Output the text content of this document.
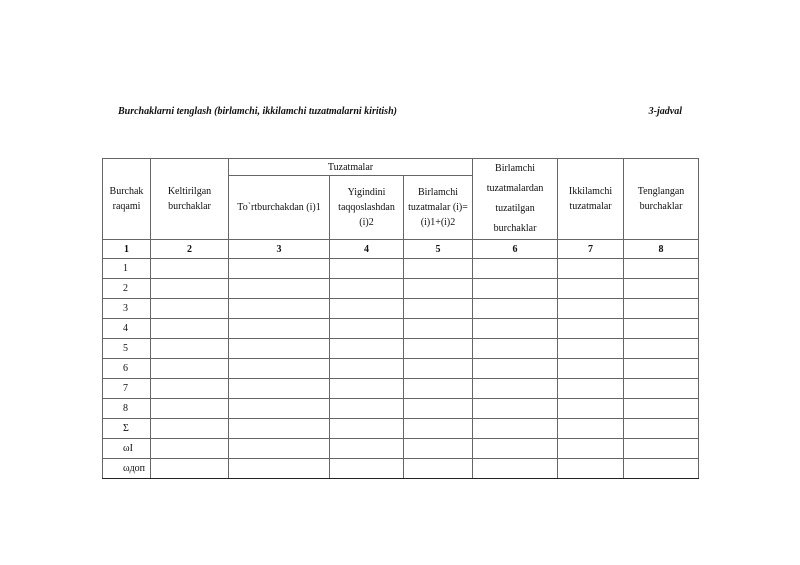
Burchaklarni tenglash (birlamchi, ikkilamchi tuzatmalarni kiritish)	3-jadval
Burchak raqami	Keltirilgan burchaklar	Tuzatmalar			Birlamchi tuzatmalardan tuzatilgan burchaklar	Ikkilamchi tuzatmalar	Tenglangan burchaklar
		To`rtburchakdan (i)1	Yigindini taqqoslashdan (i)2	Birlamchi tuzatmalar (i)=(i)1+(i)2			
1	2	3	4	5	6	7	8
1							
2							
3							
4							
5							
6							
7							
8							
Σ							
ωI							
ωдоп							
